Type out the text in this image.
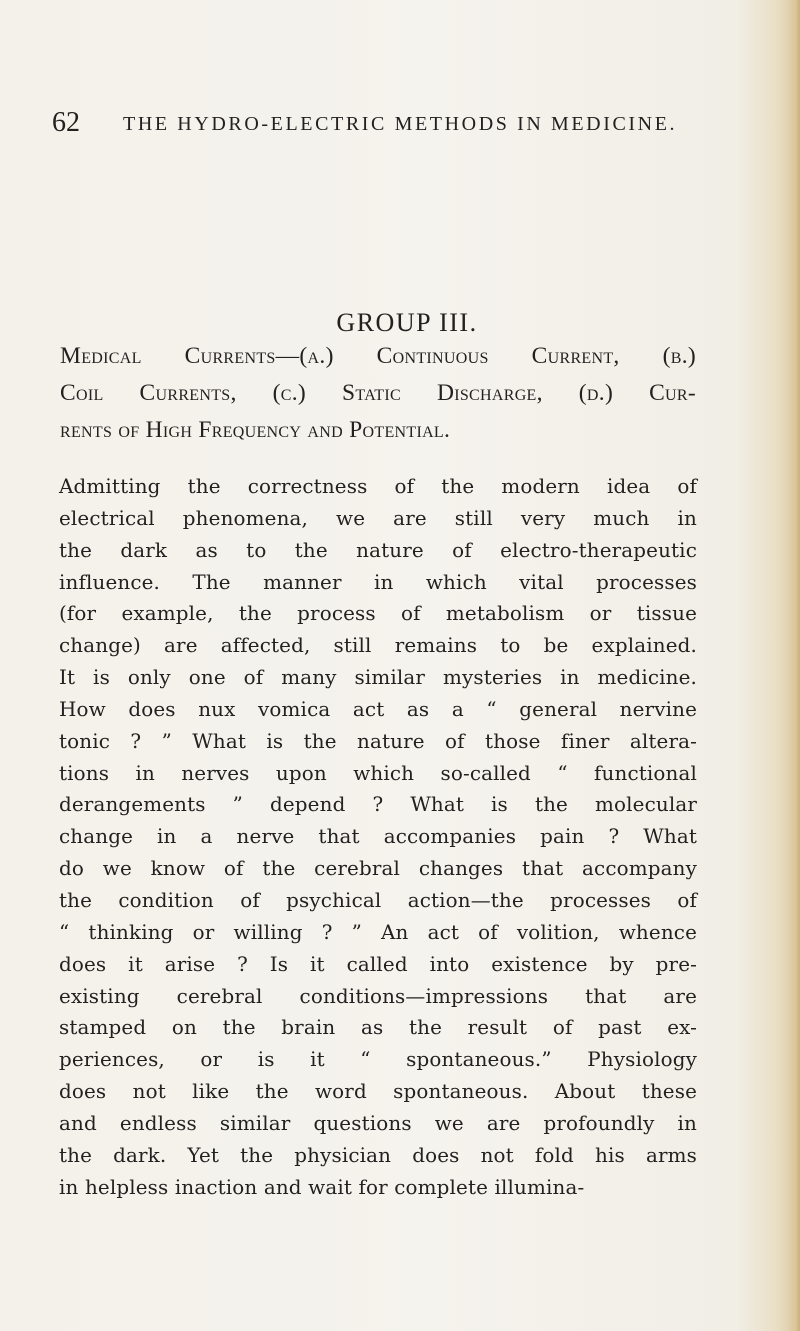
62 THE HYDRO-ELECTRIC METHODS IN MEDICINE.
GROUP III.
Medical Currents—(a.) Continuous Current, (b.)
Coil Currents, (c.) Static Discharge, (d.) Cur-
rents of High Frequency and Potential.
Admitting the correctness of the modern idea of
electrical phenomena, we are still very much in
the dark as to the nature of electro-therapeutic
influence. The manner in which vital processes
(for example, the process of metabolism or tissue
change) are affected, still remains to be explained.
It is only one of many similar mysteries in medicine.
How does nux vomica act as a “ general nervine
tonic ? ” What is the nature of those finer altera-
tions in nerves upon which so-called “ functional
derangements ” depend ? What is the molecular
change in a nerve that accompanies pain ? What
do we know of the cerebral changes that accompany
the condition of psychical action—the processes of
“ thinking or willing ? ” An act of volition, whence
does it arise ? Is it called into existence by pre-
existing cerebral conditions—impressions that are
stamped on the brain as the result of past ex-
periences, or is it “ spontaneous.” Physiology
does not like the word spontaneous. About these
and endless similar questions we are profoundly in
the dark. Yet the physician does not fold his arms
in helpless inaction and wait for complete illumina-
